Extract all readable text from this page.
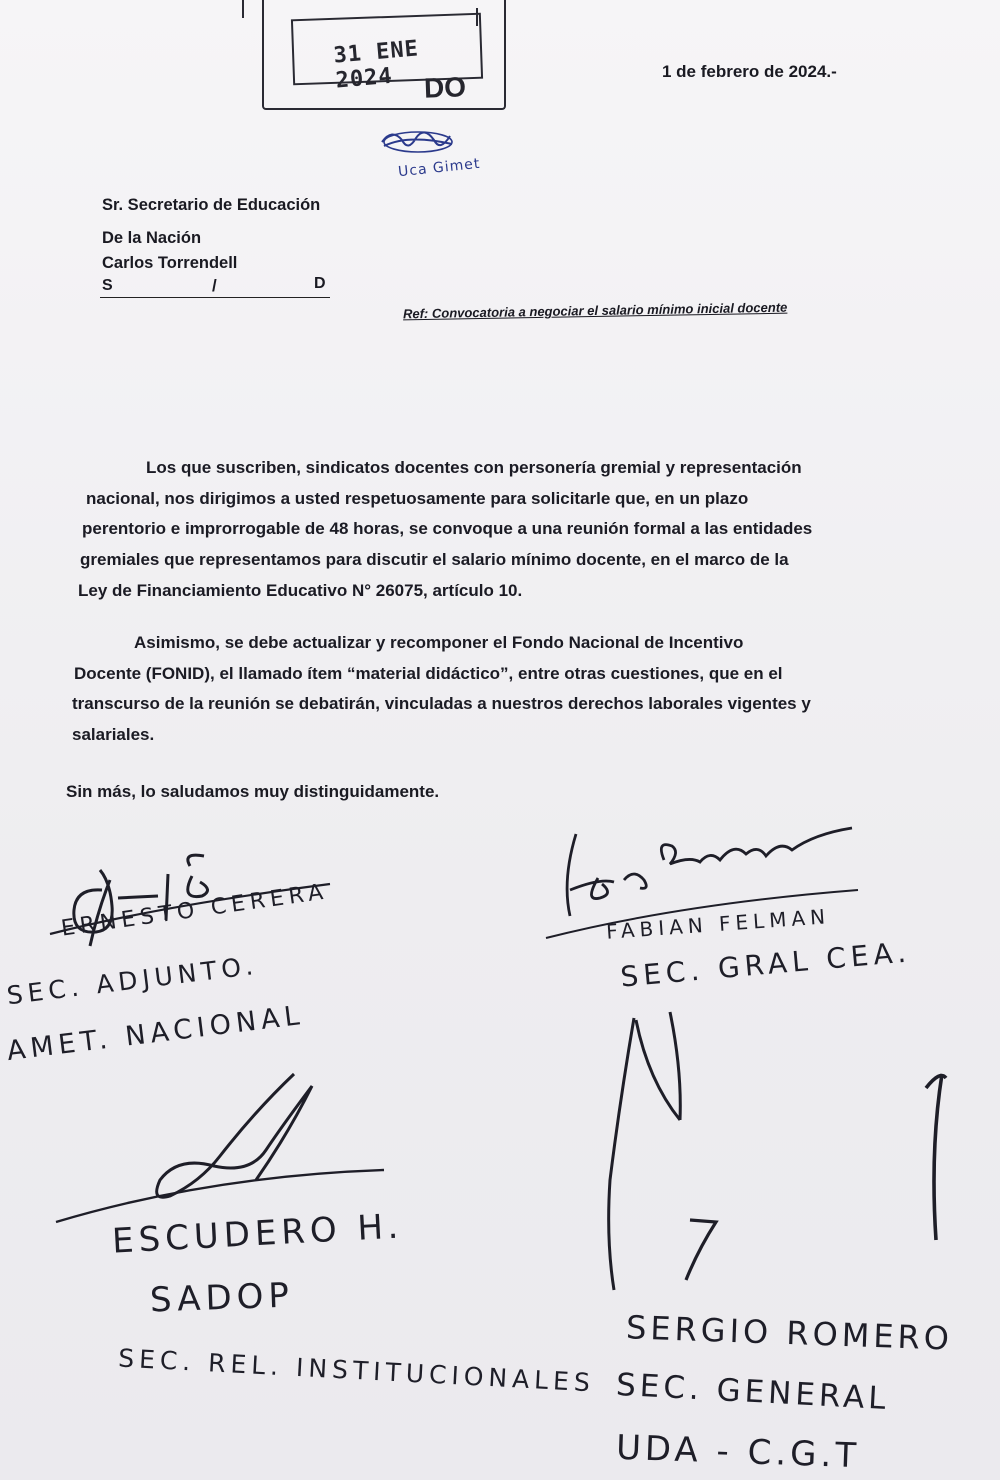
31 ENE 2024	DO	1 de febrero de 2024.-
Uca Gimet
Sr. Secretario de Educación
De la Nación
Carlos Torrendell
S	/	D
Ref: Convocatoria a negociar el salario mínimo inicial docente
Los que suscriben, sindicatos docentes con personería gremial y representación
nacional, nos dirigimos a usted respetuosamente para solicitarle que, en un plazo
perentorio e improrrogable de 48 horas, se convoque a una reunión formal a las entidades
gremiales que representamos para discutir el salario mínimo docente, en el marco de la
Ley de Financiamiento Educativo N° 26075, artículo 10.
Asimismo, se debe actualizar y recomponer el Fondo Nacional de Incentivo
Docente (FONID), el llamado ítem “material didáctico”, entre otras cuestiones, que en el
transcurso de la reunión se debatirán, vinculadas a nuestros derechos laborales vigentes y
salariales.
Sin más, lo saludamos muy distinguidamente.
ERNESTO CERERA
SEC. ADJUNTO.
AMET. NACIONAL
FABIAN FELMAN
SEC. GRAL CEA.
ESCUDERO H.
SADOP
SEC. REL. INSTITUCIONALES
SERGIO ROMERO
SEC. GENERAL
UDA - C.G.T
